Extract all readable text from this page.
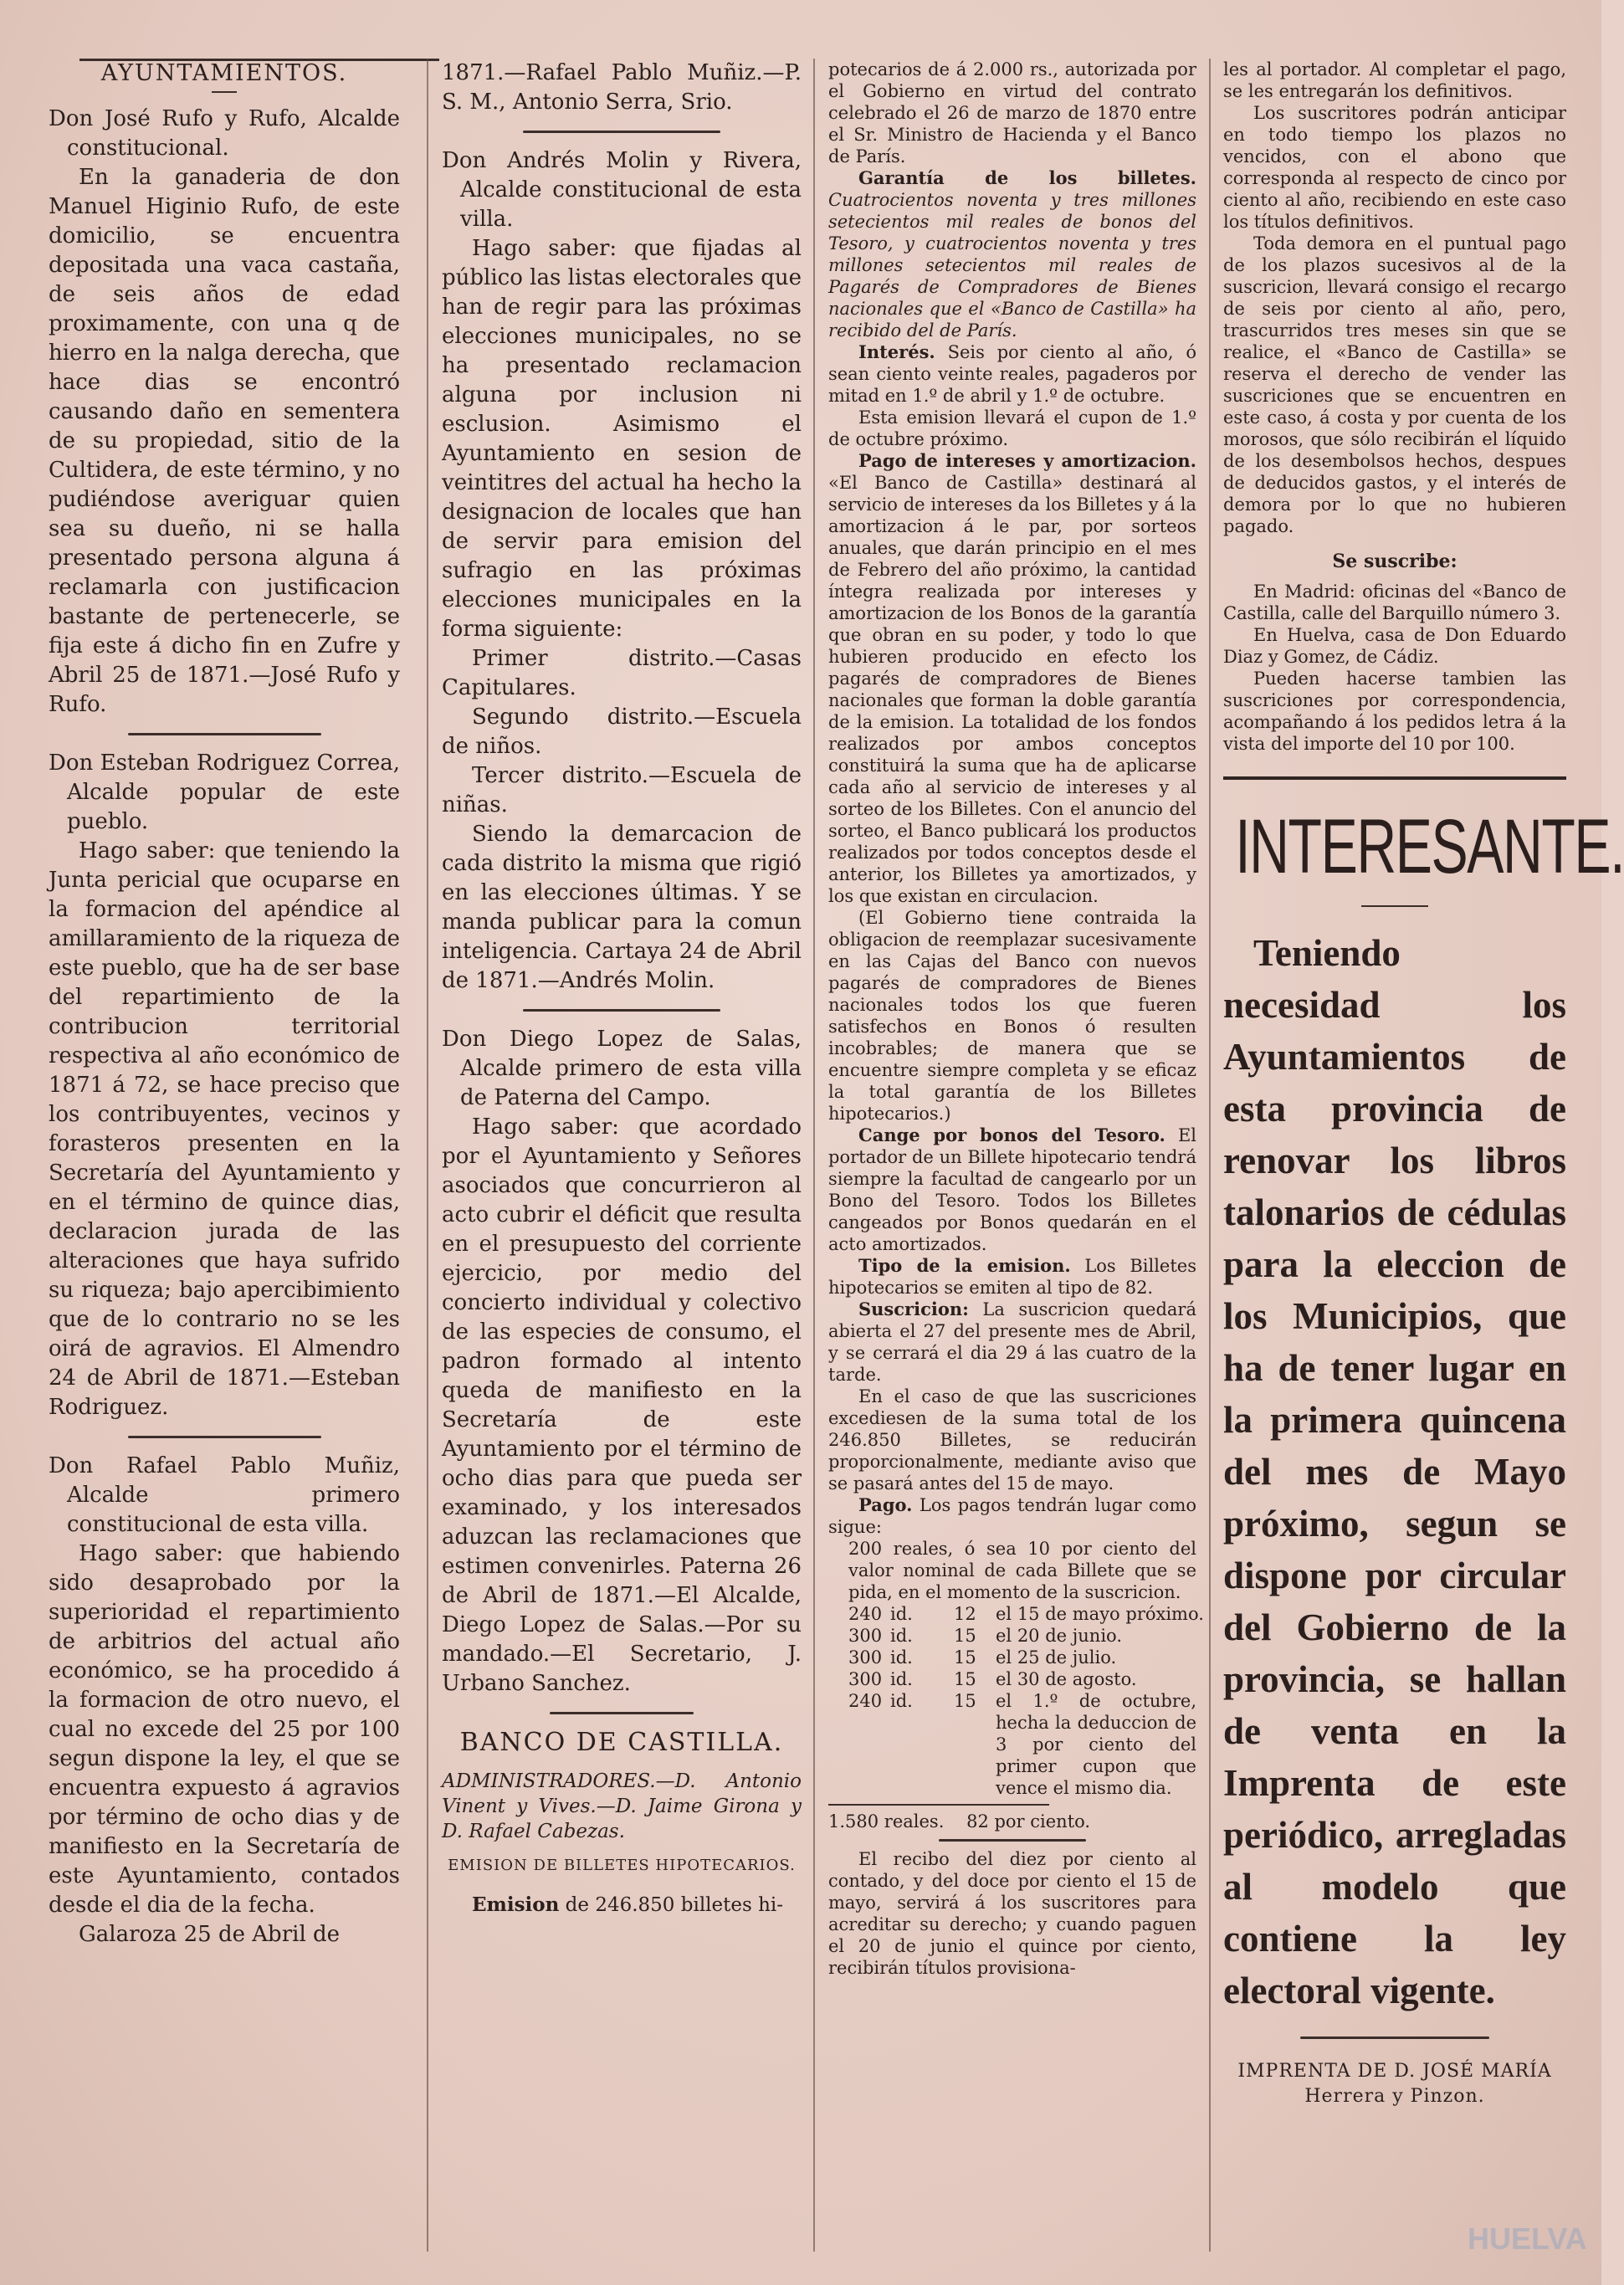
AYUNTAMIENTOS.

Don José Rufo y Rufo, Alcalde constitucional.

En la ganaderia de don Manuel Higinio Rufo, de este domicilio, se encuentra depositada una vaca castaña, de seis años de edad proximamente, con una q de hierro en la nalga derecha, que hace dias se encontró causando daño en sementera de su propiedad, sitio de la Cultidera, de este término, y no pudiéndose averiguar quien sea su dueño, ni se halla presentado persona alguna á reclamarla con justificacion bastante de pertenecerle, se fija este á dicho fin en Zufre y Abril 25 de 1871.—José Rufo y Rufo.

Don Esteban Rodriguez Correa, Alcalde popular de este pueblo.

Hago saber: que teniendo la Junta pericial que ocuparse en la formacion del apéndice al amillaramiento de la riqueza de este pueblo, que ha de ser base del repartimiento de la contribucion territorial respectiva al año económico de 1871 á 72, se hace preciso que los contribuyentes, vecinos y forasteros presenten en la Secretaría del Ayuntamiento y en el término de quince dias, declaracion jurada de las alteraciones que haya sufrido su riqueza; bajo apercibimiento que de lo contrario no se les oirá de agravios. El Almendro 24 de Abril de 1871.—Esteban Rodriguez.

Don Rafael Pablo Muñiz, Alcalde primero constitucional de esta villa.

Hago saber: que habiendo sido desaprobado por la superioridad el repartimiento de arbitrios del actual año económico, se ha procedido á la formacion de otro nuevo, el cual no excede del 25 por 100 segun dispone la ley, el que se encuentra expuesto á agravios por término de ocho dias y de manifiesto en la Secretaría de este Ayuntamiento, contados desde el dia de la fecha.

Galaroza 25 de Abril de

1871.—Rafael Pablo Muñiz.—P. S. M., Antonio Serra, Srio.

Don Andrés Molin y Rivera, Alcalde constitucional de esta villa.

Hago saber: que fijadas al público las listas electorales que han de regir para las próximas elecciones municipales, no se ha presentado reclamacion alguna por inclusion ni esclusion. Asimismo el Ayuntamiento en sesion de veintitres del actual ha hecho la designacion de locales que han de servir para emision del sufragio en las próximas elecciones municipales en la forma siguiente:

Primer distrito.—Casas Capitulares.

Segundo distrito.—Escuela de niños.

Tercer distrito.—Escuela de niñas.

Siendo la demarcacion de cada distrito la misma que rigió en las elecciones últimas. Y se manda publicar para la comun inteligencia. Cartaya 24 de Abril de 1871.—Andrés Molin.

Don Diego Lopez de Salas, Alcalde primero de esta villa de Paterna del Campo.

Hago saber: que acordado por el Ayuntamiento y Señores asociados que concurrieron al acto cubrir el déficit que resulta en el presupuesto del corriente ejercicio, por medio del concierto individual y colectivo de las especies de consumo, el padron formado al intento queda de manifiesto en la Secretaría de este Ayuntamiento por el término de ocho dias para que pueda ser examinado, y los interesados aduzcan las reclamaciones que estimen convenirles. Paterna 26 de Abril de 1871.—El Alcalde, Diego Lopez de Salas.—Por su mandado.—El Secretario, J. Urbano Sanchez.

BANCO DE CASTILLA.

ADMINISTRADORES.—D. Antonio Vinent y Vives.—D. Jaime Girona y D. Rafael Cabezas.

EMISION DE BILLETES HIPOTECARIOS.

Emision de 246.850 billetes hi-

potecarios de á 2.000 rs., autorizada por el Gobierno en virtud del contrato celebrado el 26 de marzo de 1870 entre el Sr. Ministro de Hacienda y el Banco de París.

Garantía de los billetes. Cuatrocientos noventa y tres millones setecientos mil reales de bonos del Tesoro, y cuatrocientos noventa y tres millones setecientos mil reales de Pagarés de Compradores de Bienes nacionales que el «Banco de Castilla» ha recibido del de París.

Interés. Seis por ciento al año, ó sean ciento veinte reales, pagaderos por mitad en 1.º de abril y 1.º de octubre.

Esta emision llevará el cupon de 1.º de octubre próximo.

Pago de intereses y amortizacion. «El Banco de Castilla» destinará al servicio de intereses da los Billetes y á la amortizacion á le par, por sorteos anuales, que darán principio en el mes de Febrero del año próximo, la cantidad íntegra realizada por intereses y amortizacion de los Bonos de la garantía que obran en su poder, y todo lo que hubieren producido en efecto los pagarés de compradores de Bienes nacionales que forman la doble garantía de la emision. La totalidad de los fondos realizados por ambos conceptos constituirá la suma que ha de aplicarse cada año al servicio de intereses y al sorteo de los Billetes. Con el anuncio del sorteo, el Banco publicará los productos realizados por todos conceptos desde el anterior, los Billetes ya amortizados, y los que existan en circulacion.

(El Gobierno tiene contraida la obligacion de reemplazar sucesivamente en las Cajas del Banco con nuevos pagarés de compradores de Bienes nacionales todos los que fueren satisfechos en Bonos ó resulten incobrables; de manera que se encuentre siempre completa y se eficaz la total garantía de los Billetes hipotecarios.)

Cange por bonos del Tesoro. El portador de un Billete hipotecario tendrá siempre la facultad de cangearlo por un Bono del Tesoro. Todos los Billetes cangeados por Bonos quedarán en el acto amortizados.

Tipo de la emision. Los Billetes hipotecarios se emiten al tipo de 82.

Suscricion: La suscricion quedará abierta el 27 del presente mes de Abril, y se cerrará el dia 29 á las cuatro de la tarde.

En el caso de que las suscriciones excediesen de la suma total de los 246.850 Billetes, se reducirán proporcionalmente, mediante aviso que se pasará antes del 15 de mayo.

Pago. Los pagos tendrán lugar como sigue:

200 reales, ó sea 10 por ciento del valor nominal de cada Billete que se pida, en el momento de la suscricion.

240 id.	12	el 15 de mayo próximo.
300 id.	15	el 20 de junio.
300 id.	15	el 25 de julio.
300 id.	15	el 30 de agosto.
240 id.	15	el 1.º de octubre, hecha la deduccion de 3 por ciento del primer cupon que vence el mismo dia.

1.580 reales.    82 por ciento.

El recibo del diez por ciento al contado, y del doce por ciento el 15 de mayo, servirá á los suscritores para acreditar su derecho; y cuando paguen el 20 de junio el quince por ciento, recibirán títulos provisiona-

les al portador. Al completar el pago, se les entregarán los definitivos.

Los suscritores podrán anticipar en todo tiempo los plazos no vencidos, con el abono que corresponda al respecto de cinco por ciento al año, recibiendo en este caso los títulos definitivos.

Toda demora en el puntual pago de los plazos sucesivos al de la suscricion, llevará consigo el recargo de seis por ciento al año, pero, trascurridos tres meses sin que se realice, el «Banco de Castilla» se reserva el derecho de vender las suscriciones que se encuentren en este caso, á costa y por cuenta de los morosos, que sólo recibirán el líquido de los desembolsos hechos, despues de deducidos gastos, y el interés de demora por lo que no hubieren pagado.

Se suscribe:

En Madrid: oficinas del «Banco de Castilla, calle del Barquillo número 3.

En Huelva, casa de Don Eduardo Diaz y Gomez, de Cádiz.

Pueden hacerse tambien las suscriciones por correspondencia, acompañando á los pedidos letra á la vista del importe del 10 por 100.

INTERESANTE.

Teniendo necesidad los Ayuntamientos de esta provincia de renovar los libros talonarios de cédulas para la eleccion de los Municipios, que ha de tener lugar en la primera quincena del mes de Mayo próximo, segun se dispone por circular del Gobierno de la provincia, se hallan de venta en la Imprenta de este periódico, arregladas al modelo que contiene la ley electoral vigente.

IMPRENTA DE D. JOSÉ MARÍA Herrera y Pinzon.

HUELVA
